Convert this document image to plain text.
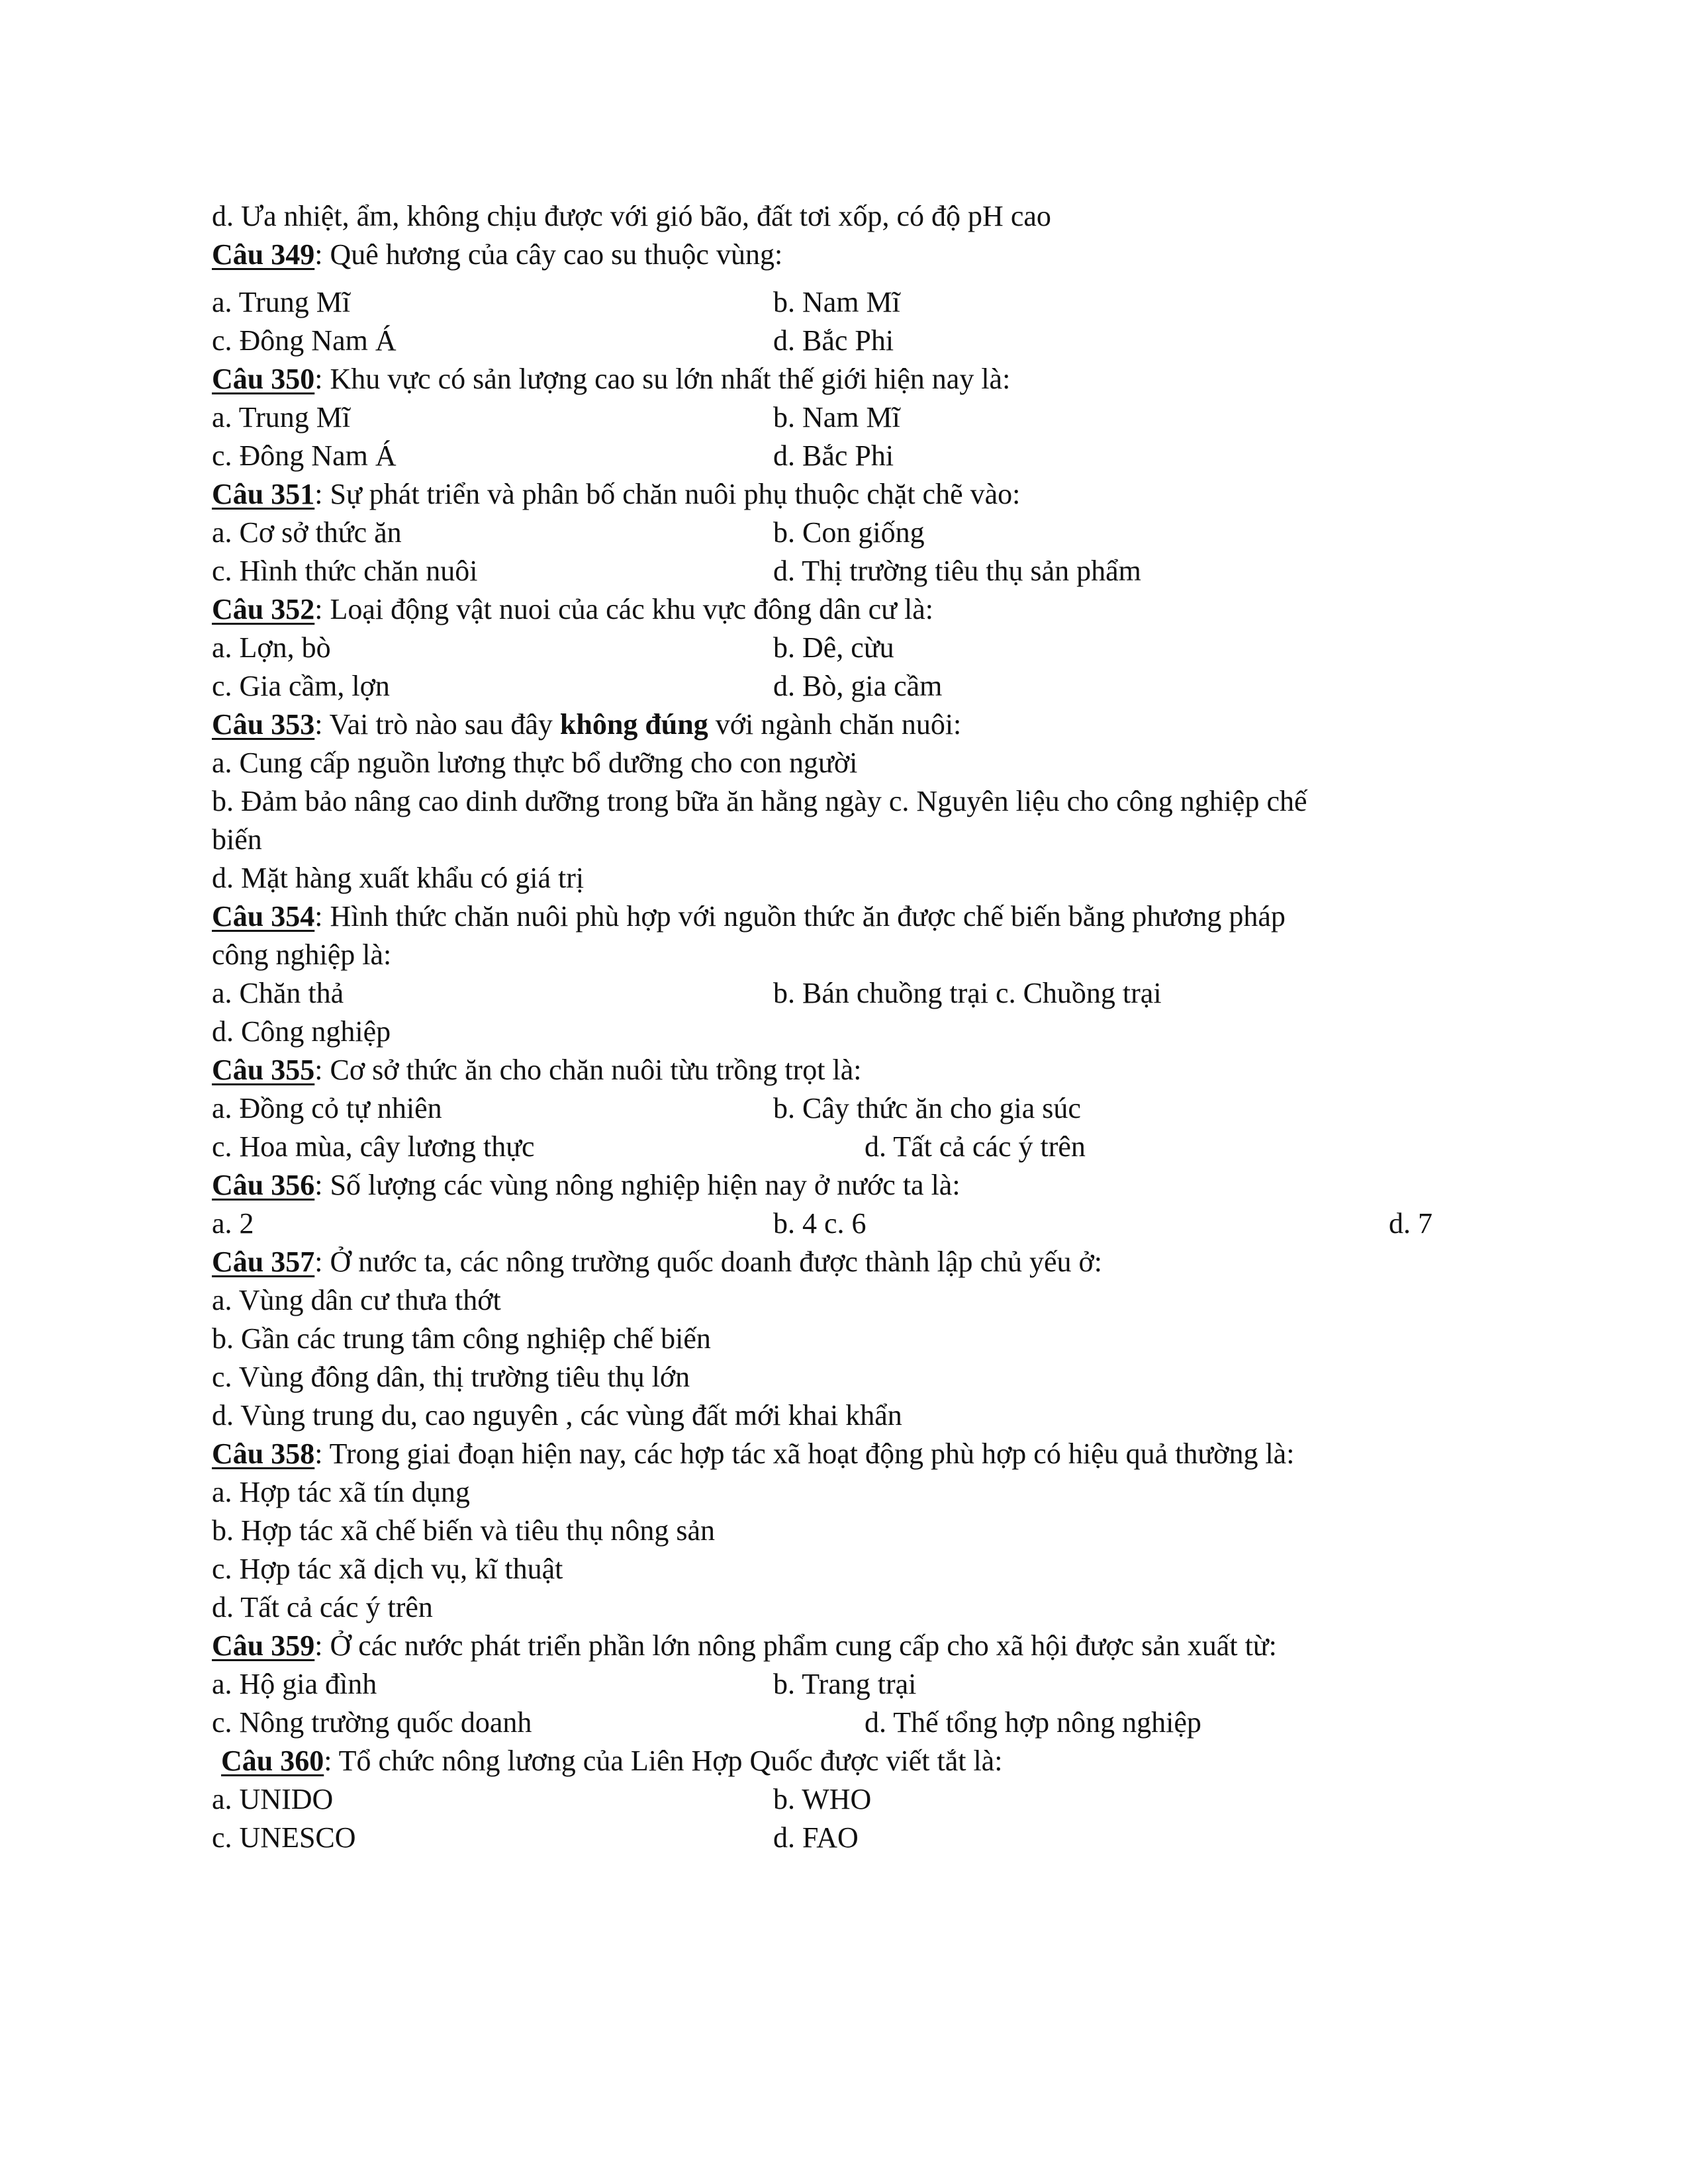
d. Ưa nhiệt, ẩm, không chịu được với gió bão, đất tơi xốp, có độ pH cao
Câu 349: Quê hương của cây cao su thuộc vùng:
a. Trung Mĩ	b. Nam Mĩ
c. Đông Nam Á	d. Bắc Phi
Câu 350: Khu vực có sản lượng cao su lớn nhất thế giới hiện nay là:
a. Trung Mĩ	b. Nam Mĩ
c. Đông Nam Á	d. Bắc Phi
Câu 351: Sự phát triển và phân bố chăn nuôi phụ thuộc chặt chẽ vào:
a. Cơ sở thức ăn	b. Con giống
c. Hình thức chăn nuôi	d. Thị trường tiêu thụ sản phẩm
Câu 352: Loại động vật nuoi của các khu vực đông dân cư là:
a. Lợn, bò	b. Dê, cừu
c. Gia cầm, lợn	d. Bò, gia cầm
Câu 353: Vai trò nào sau đây không đúng với ngành chăn nuôi:
a. Cung cấp nguồn lương thực bổ dưỡng cho con người
b. Đảm bảo nâng cao dinh dưỡng trong bữa ăn hằng ngày c. Nguyên liệu cho công nghiệp chế
biến
d. Mặt hàng xuất khẩu có giá trị
Câu 354: Hình thức chăn nuôi phù hợp với nguồn thức ăn được chế biến bằng phương pháp
công nghiệp là:
a. Chăn thả	b. Bán chuồng trại c. Chuồng trại
d. Công nghiệp
Câu 355: Cơ sở thức ăn cho chăn nuôi từu trồng trọt là:
a. Đồng cỏ tự nhiên	b. Cây thức ăn cho gia súc
c. Hoa mùa, cây lương thực	d. Tất cả các ý trên
Câu 356: Số lượng các vùng nông nghiệp hiện nay ở nước ta là:
a. 2	b. 4 c. 6	d. 7
Câu 357: Ở nước ta, các nông trường quốc doanh được thành lập chủ yếu ở:
a. Vùng dân cư thưa thớt
b. Gần các trung tâm công nghiệp chế biến
c. Vùng đông dân, thị trường tiêu thụ lớn
d. Vùng trung du, cao nguyên , các vùng đất mới khai khẩn
Câu 358: Trong giai đoạn hiện nay, các hợp tác xã hoạt động phù hợp có hiệu quả thường là:
a. Hợp tác xã tín dụng
b. Hợp tác xã chế biến và tiêu thụ nông sản
c. Hợp tác xã dịch vụ, kĩ thuật
d. Tất cả các ý trên
Câu 359: Ở các nước phát triển phần lớn nông phẩm cung cấp cho xã hội được sản xuất từ:
a. Hộ gia đình	b. Trang trại
c. Nông trường quốc doanh	d. Thế tổng hợp nông nghiệp
Câu 360: Tổ chức nông lương của Liên Hợp Quốc được viết tắt là:
a. UNIDO	b. WHO
c. UNESCO	d. FAO
